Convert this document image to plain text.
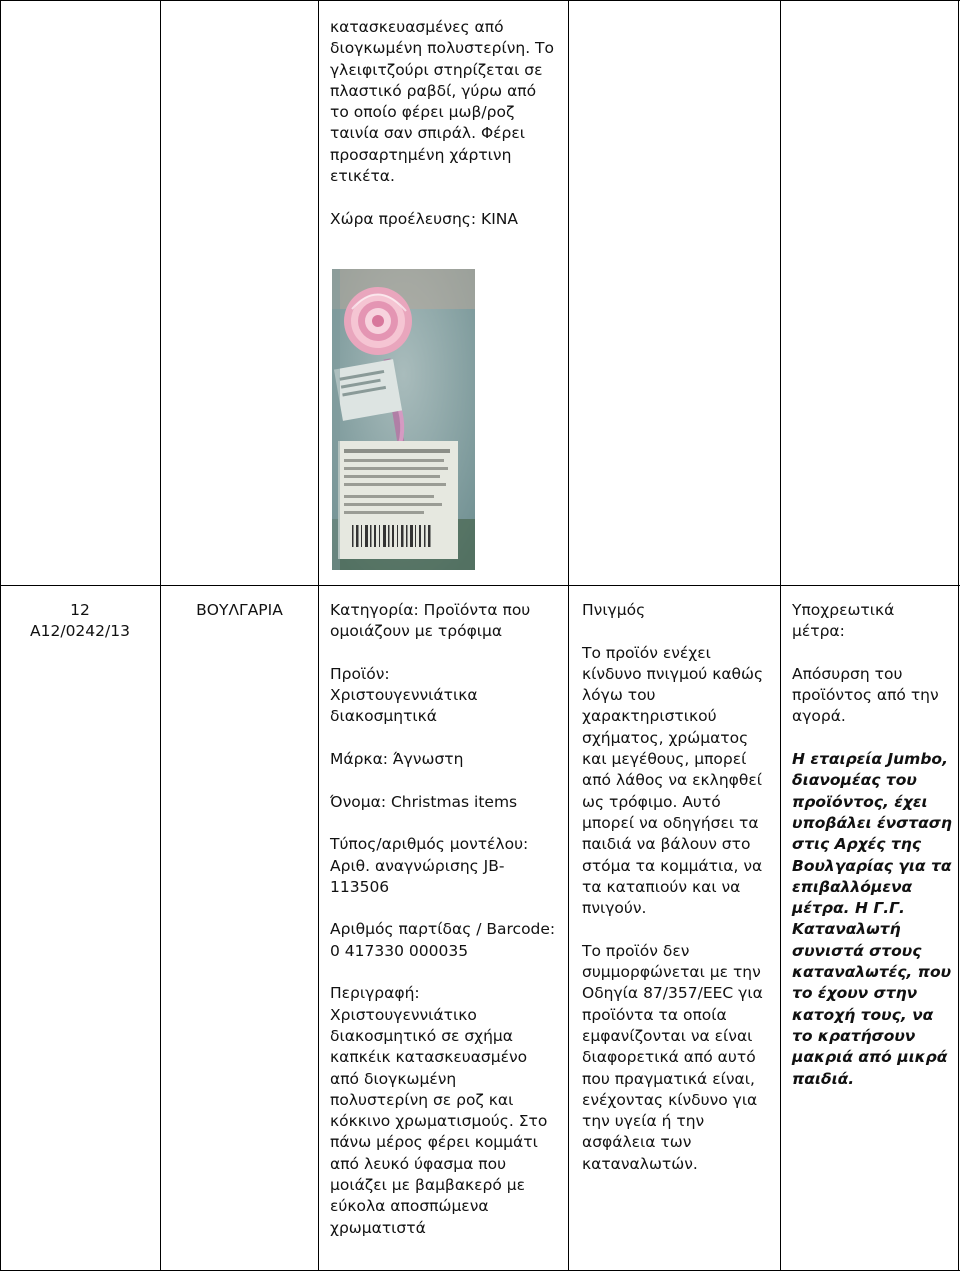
κατασκευασμένες από διογκωμένη πολυστερίνη. Το γλειφιτζούρι στηρίζεται σε πλαστικό ραβδί, γύρω από το οποίο φέρει μωβ/ροζ ταινία σαν σπιράλ. Φέρει προσαρτημένη χάρτινη ετικέτα.

Χώρα προέλευσης: ΚΙΝΑ

12
A12/0242/13
ΒΟΥΛΓΑΡΙΑ	Κατηγορία: Προϊόντα που ομοιάζουν με τρόφιμα

Προϊόν:
Χριστουγεννιάτικα διακοσμητικά

Μάρκα: Άγνωστη

Όνομα: Christmas items

Τύπος/αριθμός μοντέλου: Αριθ. αναγνώρισης JB-113506

Αριθμός παρτίδας / Barcode: 0 417330 000035

Περιγραφή: Χριστουγεννιάτικο διακοσμητικό σε σχήμα καπκέικ κατασκευασμένο από διογκωμένη πολυστερίνη σε ροζ και κόκκινο χρωματισμούς. Στο πάνω μέρος φέρει κομμάτι από λευκό ύφασμα που μοιάζει με βαμβακερό με εύκολα αποσπώμενα χρωματιστά

Πνιγμός

Το προϊόν ενέχει κίνδυνο πνιγμού καθώς λόγω του χαρακτηριστικού σχήματος, χρώματος και μεγέθους, μπορεί από λάθος να εκληφθεί ως τρόφιμο. Αυτό μπορεί να οδηγήσει τα παιδιά να βάλουν στο στόμα τα κομμάτια, να τα καταπιούν και να πνιγούν.

Το προϊόν δεν συμμορφώνεται με την Οδηγία 87/357/ΕΕC για προϊόντα τα οποία εμφανίζονται να είναι διαφορετικά από αυτό που πραγματικά είναι, ενέχοντας κίνδυνο για την υγεία ή την ασφάλεια των καταναλωτών.

Υποχρεωτικά μέτρα:

Απόσυρση του προϊόντος από την αγορά.

Η εταιρεία Jumbo, διανομέας του προϊόντος, έχει υποβάλει ένσταση στις Αρχές της Βουλγαρίας για τα επιβαλλόμενα μέτρα. Η Γ.Γ. Καταναλωτή συνιστά στους καταναλωτές, που το έχουν στην κατοχή τους, να το κρατήσουν μακριά από μικρά παιδιά.
